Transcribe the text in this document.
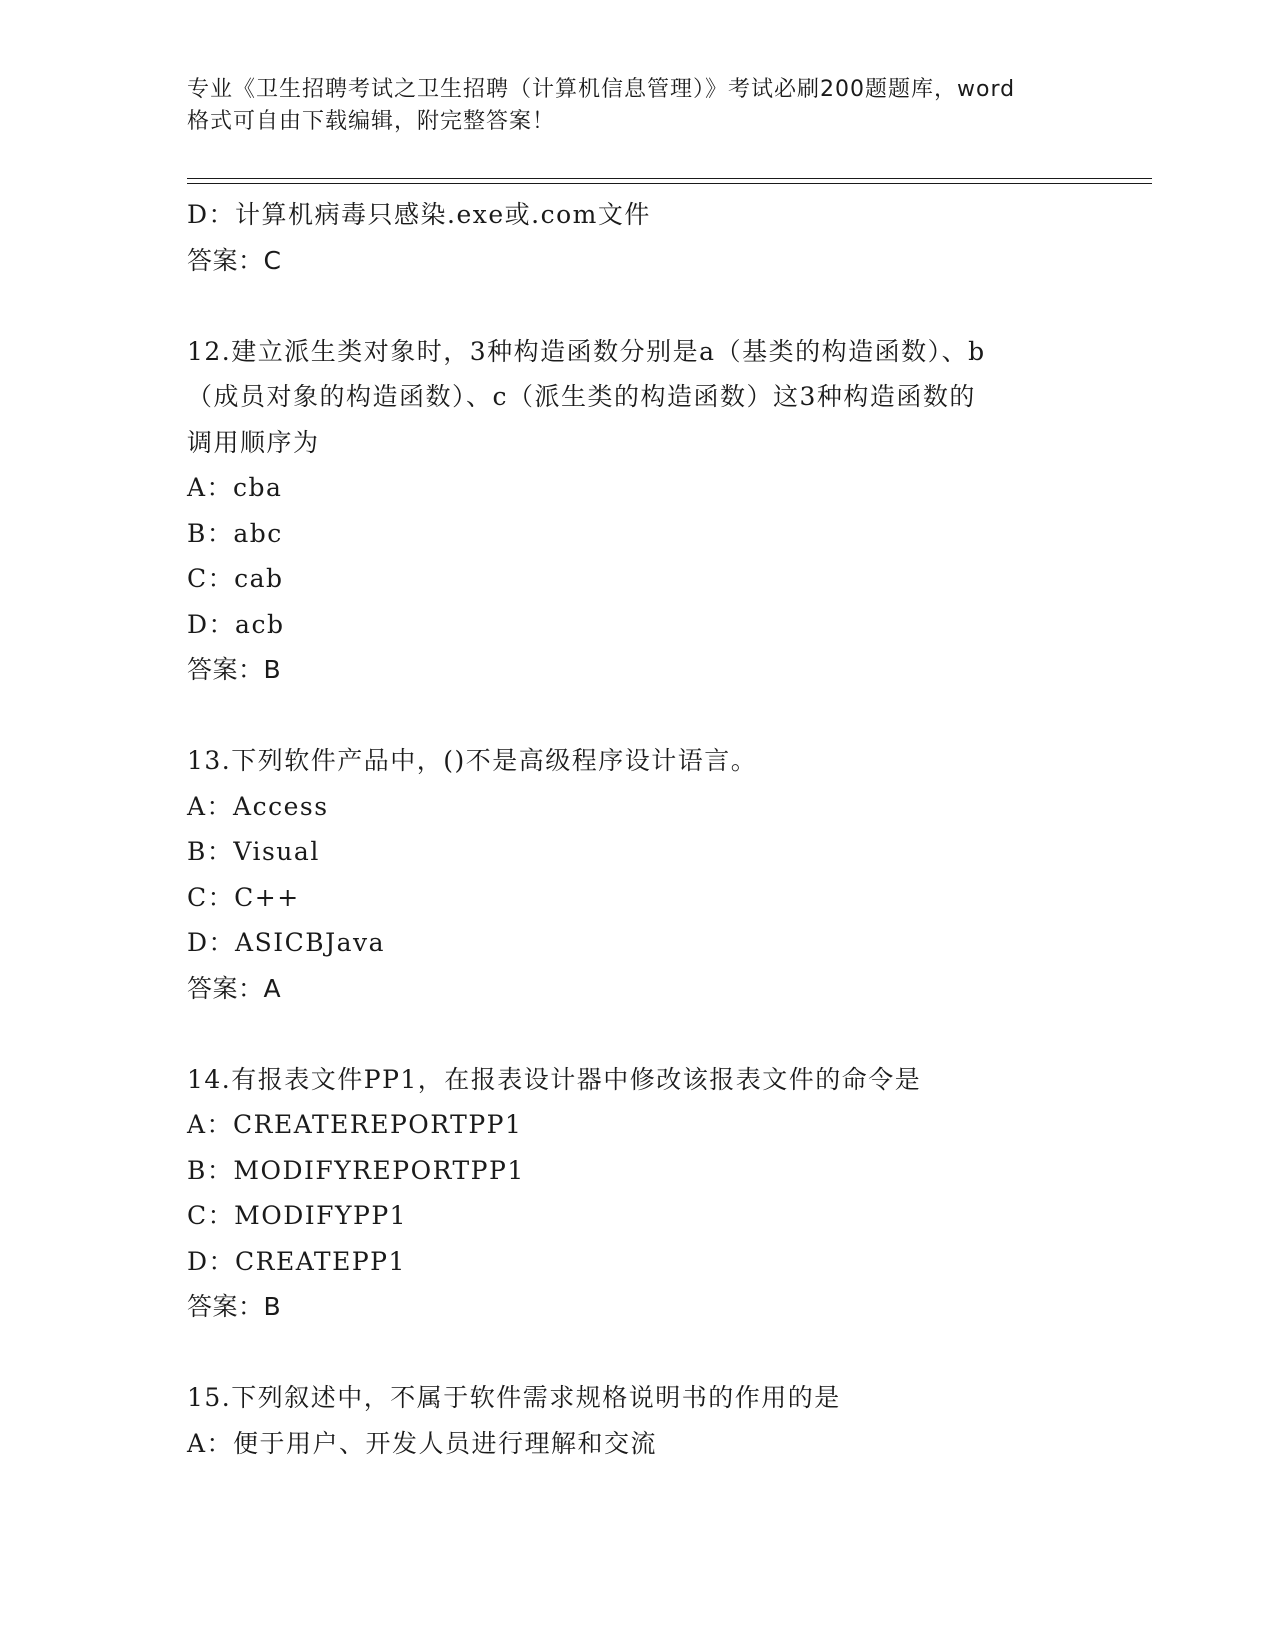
专业《卫生招聘考试之卫生招聘（计算机信息管理）》考试必刷200题题库，word
格式可自由下载编辑，附完整答案！
D：计算机病毒只感染.exe或.com文件
答案：C
12.建立派生类对象时，3种构造函数分别是a（基类的构造函数）、b
（成员对象的构造函数）、c（派生类的构造函数）这3种构造函数的
调用顺序为
A：cba
B：abc
C：cab
D：acb
答案：B
13.下列软件产品中，()不是高级程序设计语言。
A：Access
B：Visual
C：C++
D：ASICBJava
答案：A
14.有报表文件PP1，在报表设计器中修改该报表文件的命令是
A：CREATEREPORTPP1
B：MODIFYREPORTPP1
C：MODIFYPP1
D：CREATEPP1
答案：B
15.下列叙述中，不属于软件需求规格说明书的作用的是
A：便于用户、开发人员进行理解和交流
